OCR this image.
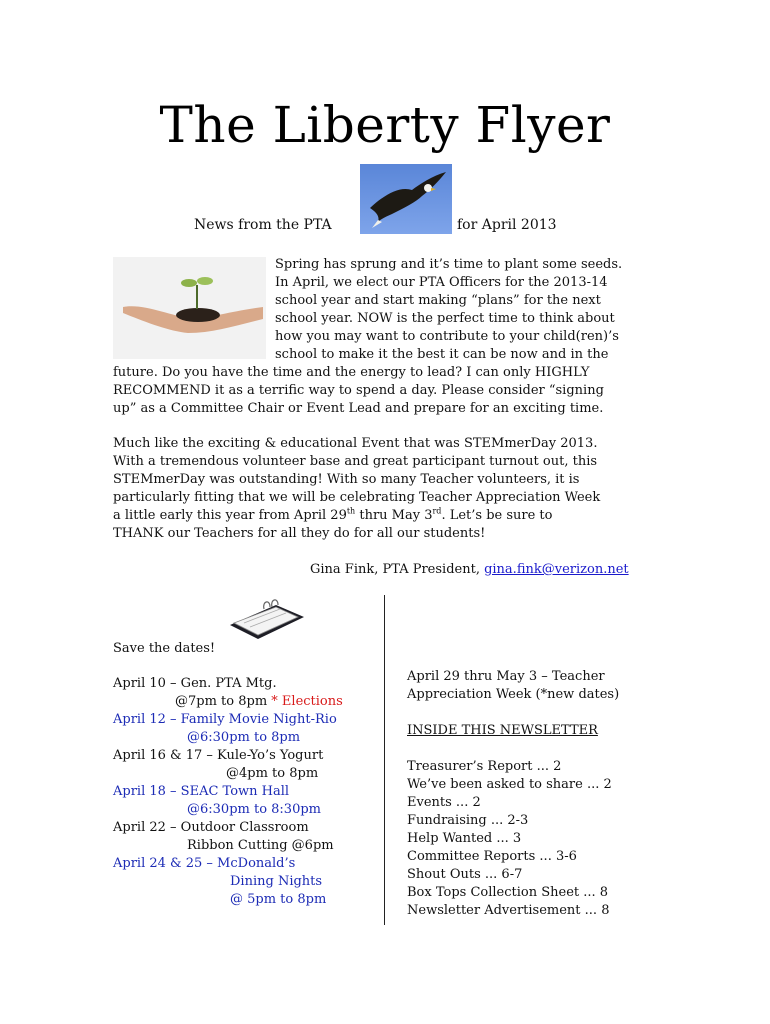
The Liberty Flyer
News from the PTA	for April 2013
Spring has sprung and it’s time to plant some seeds.
In April, we elect our PTA Officers for the 2013-14
school year and start making “plans” for the next
school year. NOW is the perfect time to think about
how you may want to contribute to your child(ren)’s
school to make it the best it can be now and in the
future. Do you have the time and the energy to lead? I can only HIGHLY
RECOMMEND it as a terrific way to spend a day. Please consider “signing
up” as a Committee Chair or Event Lead and prepare for an exciting time.
Much like the exciting & educational Event that was STEMmerDay 2013.
With a tremendous volunteer base and great participant turnout out, this
STEMmerDay was outstanding! With so many Teacher volunteers, it is
particularly fitting that we will be celebrating Teacher Appreciation Week
a little early this year from April 29th thru May 3rd. Let’s be sure to
THANK our Teachers for all they do for all our students!
Gina Fink, PTA President, gina.fink@verizon.net
Save the dates!
April 10 – Gen. PTA Mtg.
@7pm to 8pm * Elections
April 12 – Family Movie Night-Rio
@6:30pm to 8pm
April 16 & 17 – Kule-Yo’s Yogurt
@4pm to 8pm
April 18 – SEAC Town Hall
@6:30pm to 8:30pm
April 22 – Outdoor Classroom
Ribbon Cutting @6pm
April 24 & 25 – McDonald’s
Dining Nights
@ 5pm to 8pm
April 29 thru May 3 – Teacher
Appreciation Week (*new dates)
INSIDE THIS NEWSLETTER
Treasurer’s Report ... 2
We’ve been asked to share ... 2
Events ... 2
Fundraising ... 2-3
Help Wanted ... 3
Committee Reports ... 3-6
Shout Outs ... 6-7
Box Tops Collection Sheet ... 8
Newsletter Advertisement ... 8
